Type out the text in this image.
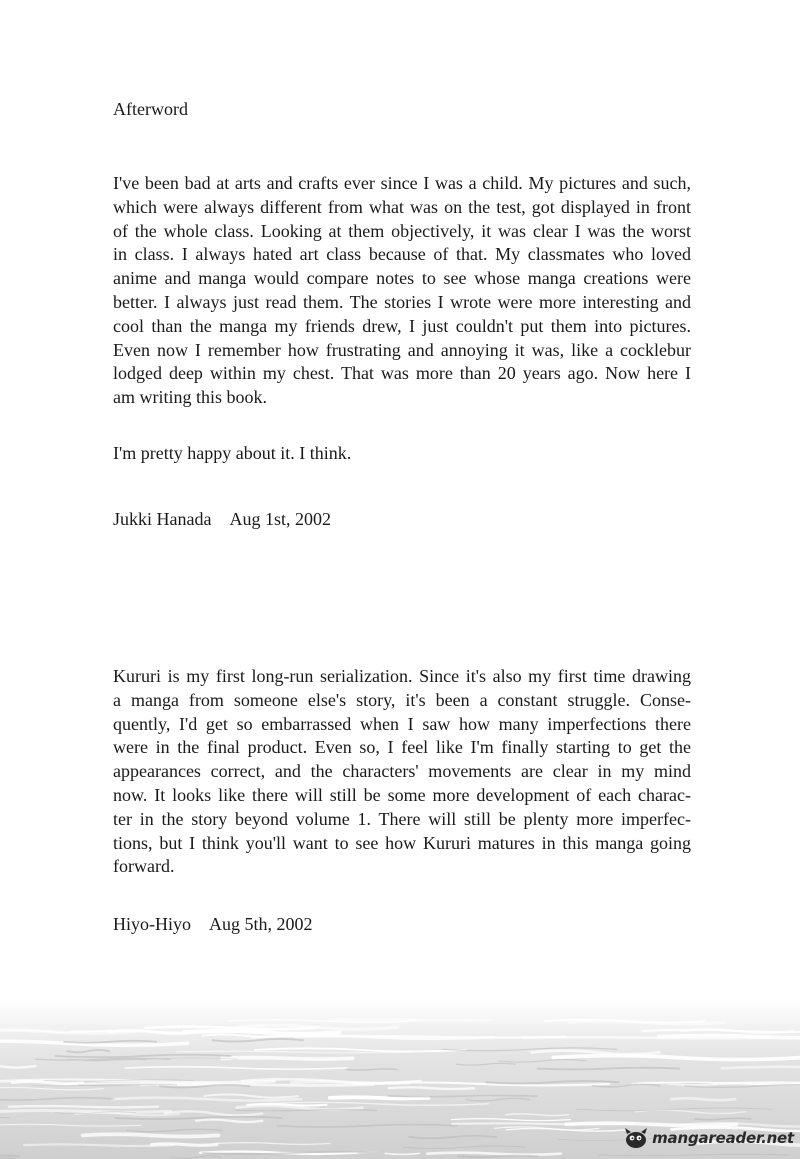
Afterword
I've been bad at arts and crafts ever since I was a child. My pictures and such,
which were always different from what was on the test, got displayed in front
of the whole class. Looking at them objectively, it was clear I was the worst
in class. I always hated art class because of that. My classmates who loved
anime and manga would compare notes to see whose manga creations were
better. I always just read them. The stories I wrote were more interesting and
cool than the manga my friends drew, I just couldn't put them into pictures.
Even now I remember how frustrating and annoying it was, like a cocklebur
lodged deep within my chest. That was more than 20 years ago. Now here I
am writing this book.

I'm pretty happy about it. I think.

Jukki Hanada Aug 1st, 2002

Kururi is my first long-run serialization. Since it's also my first time drawing
a manga from someone else's story, it's been a constant struggle. Conse-
quently, I'd get so embarrassed when I saw how many imperfections there
were in the final product. Even so, I feel like I'm finally starting to get the
appearances correct, and the characters' movements are clear in my mind
now. It looks like there will still be some more development of each charac-
ter in the story beyond volume 1. There will still be plenty more imperfec-
tions, but I think you'll want to see how Kururi matures in this manga going
forward.

Hiyo-Hiyo Aug 5th, 2002

mangareader.net
